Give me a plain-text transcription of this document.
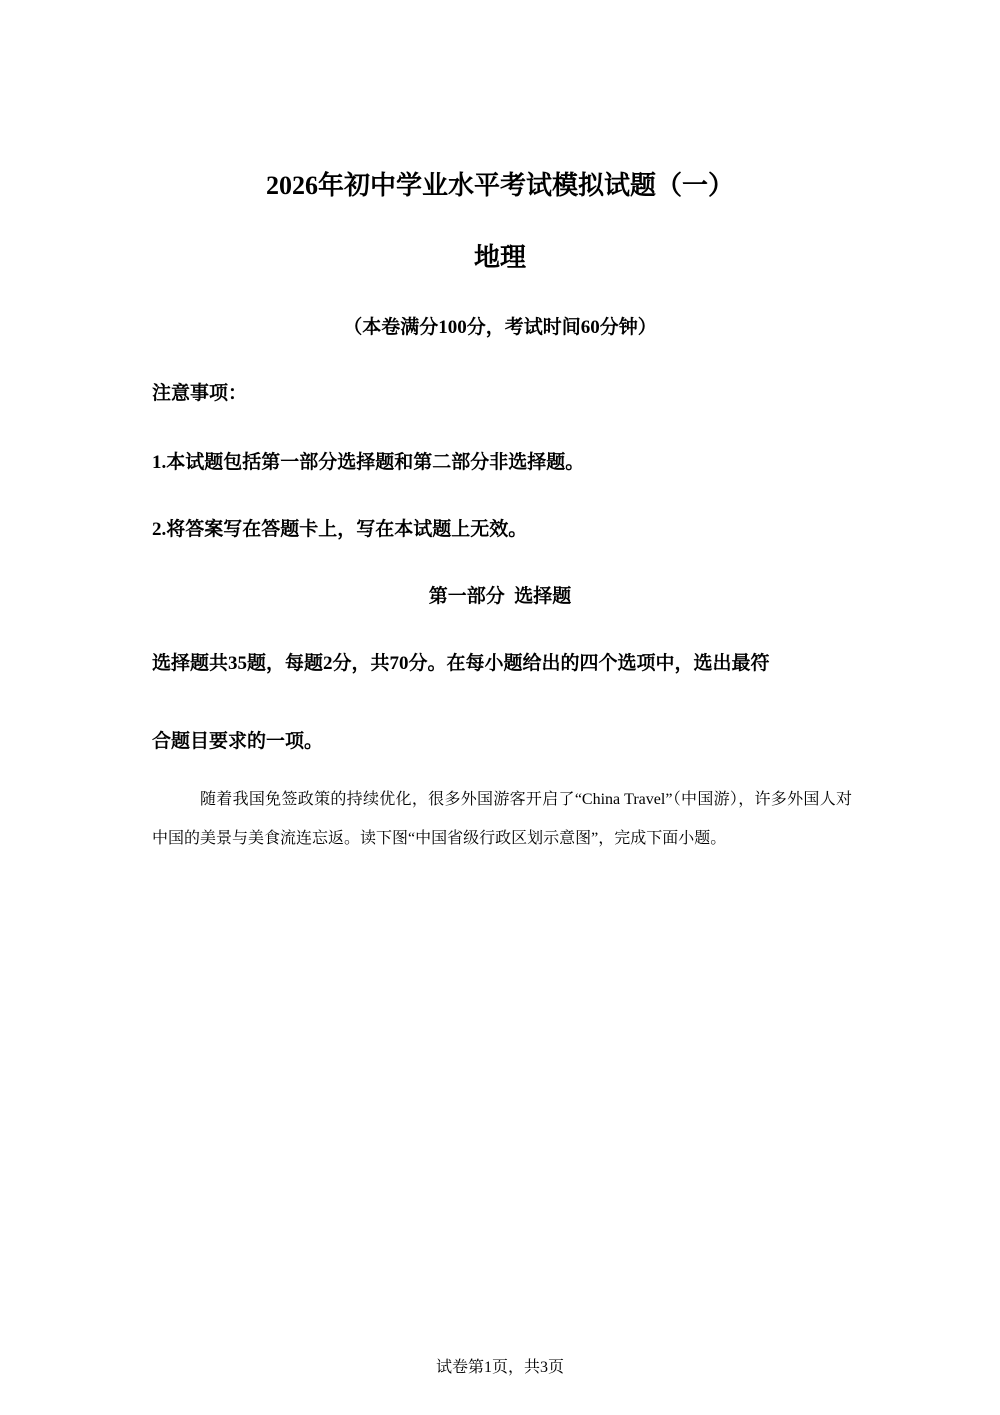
2026年初中学业水平考试模拟试题（一）
地理
（本卷满分100分，考试时间60分钟）
注意事项：
1.本试题包括第一部分选择题和第二部分非选择题。
2.将答案写在答题卡上，写在本试题上无效。
第一部分  选择题
选择题共35题，每题2分，共70分。在每小题给出的四个选项中，选出最符
合题目要求的一项。

随着我国免签政策的持续优化，很多外国游客开启了“China Travel”（中国游），许多外国人对中国的美景与美食流连忘返。读下图“中国省级行政区划示意图”，完成下面小题。

试卷第1页，共3页
